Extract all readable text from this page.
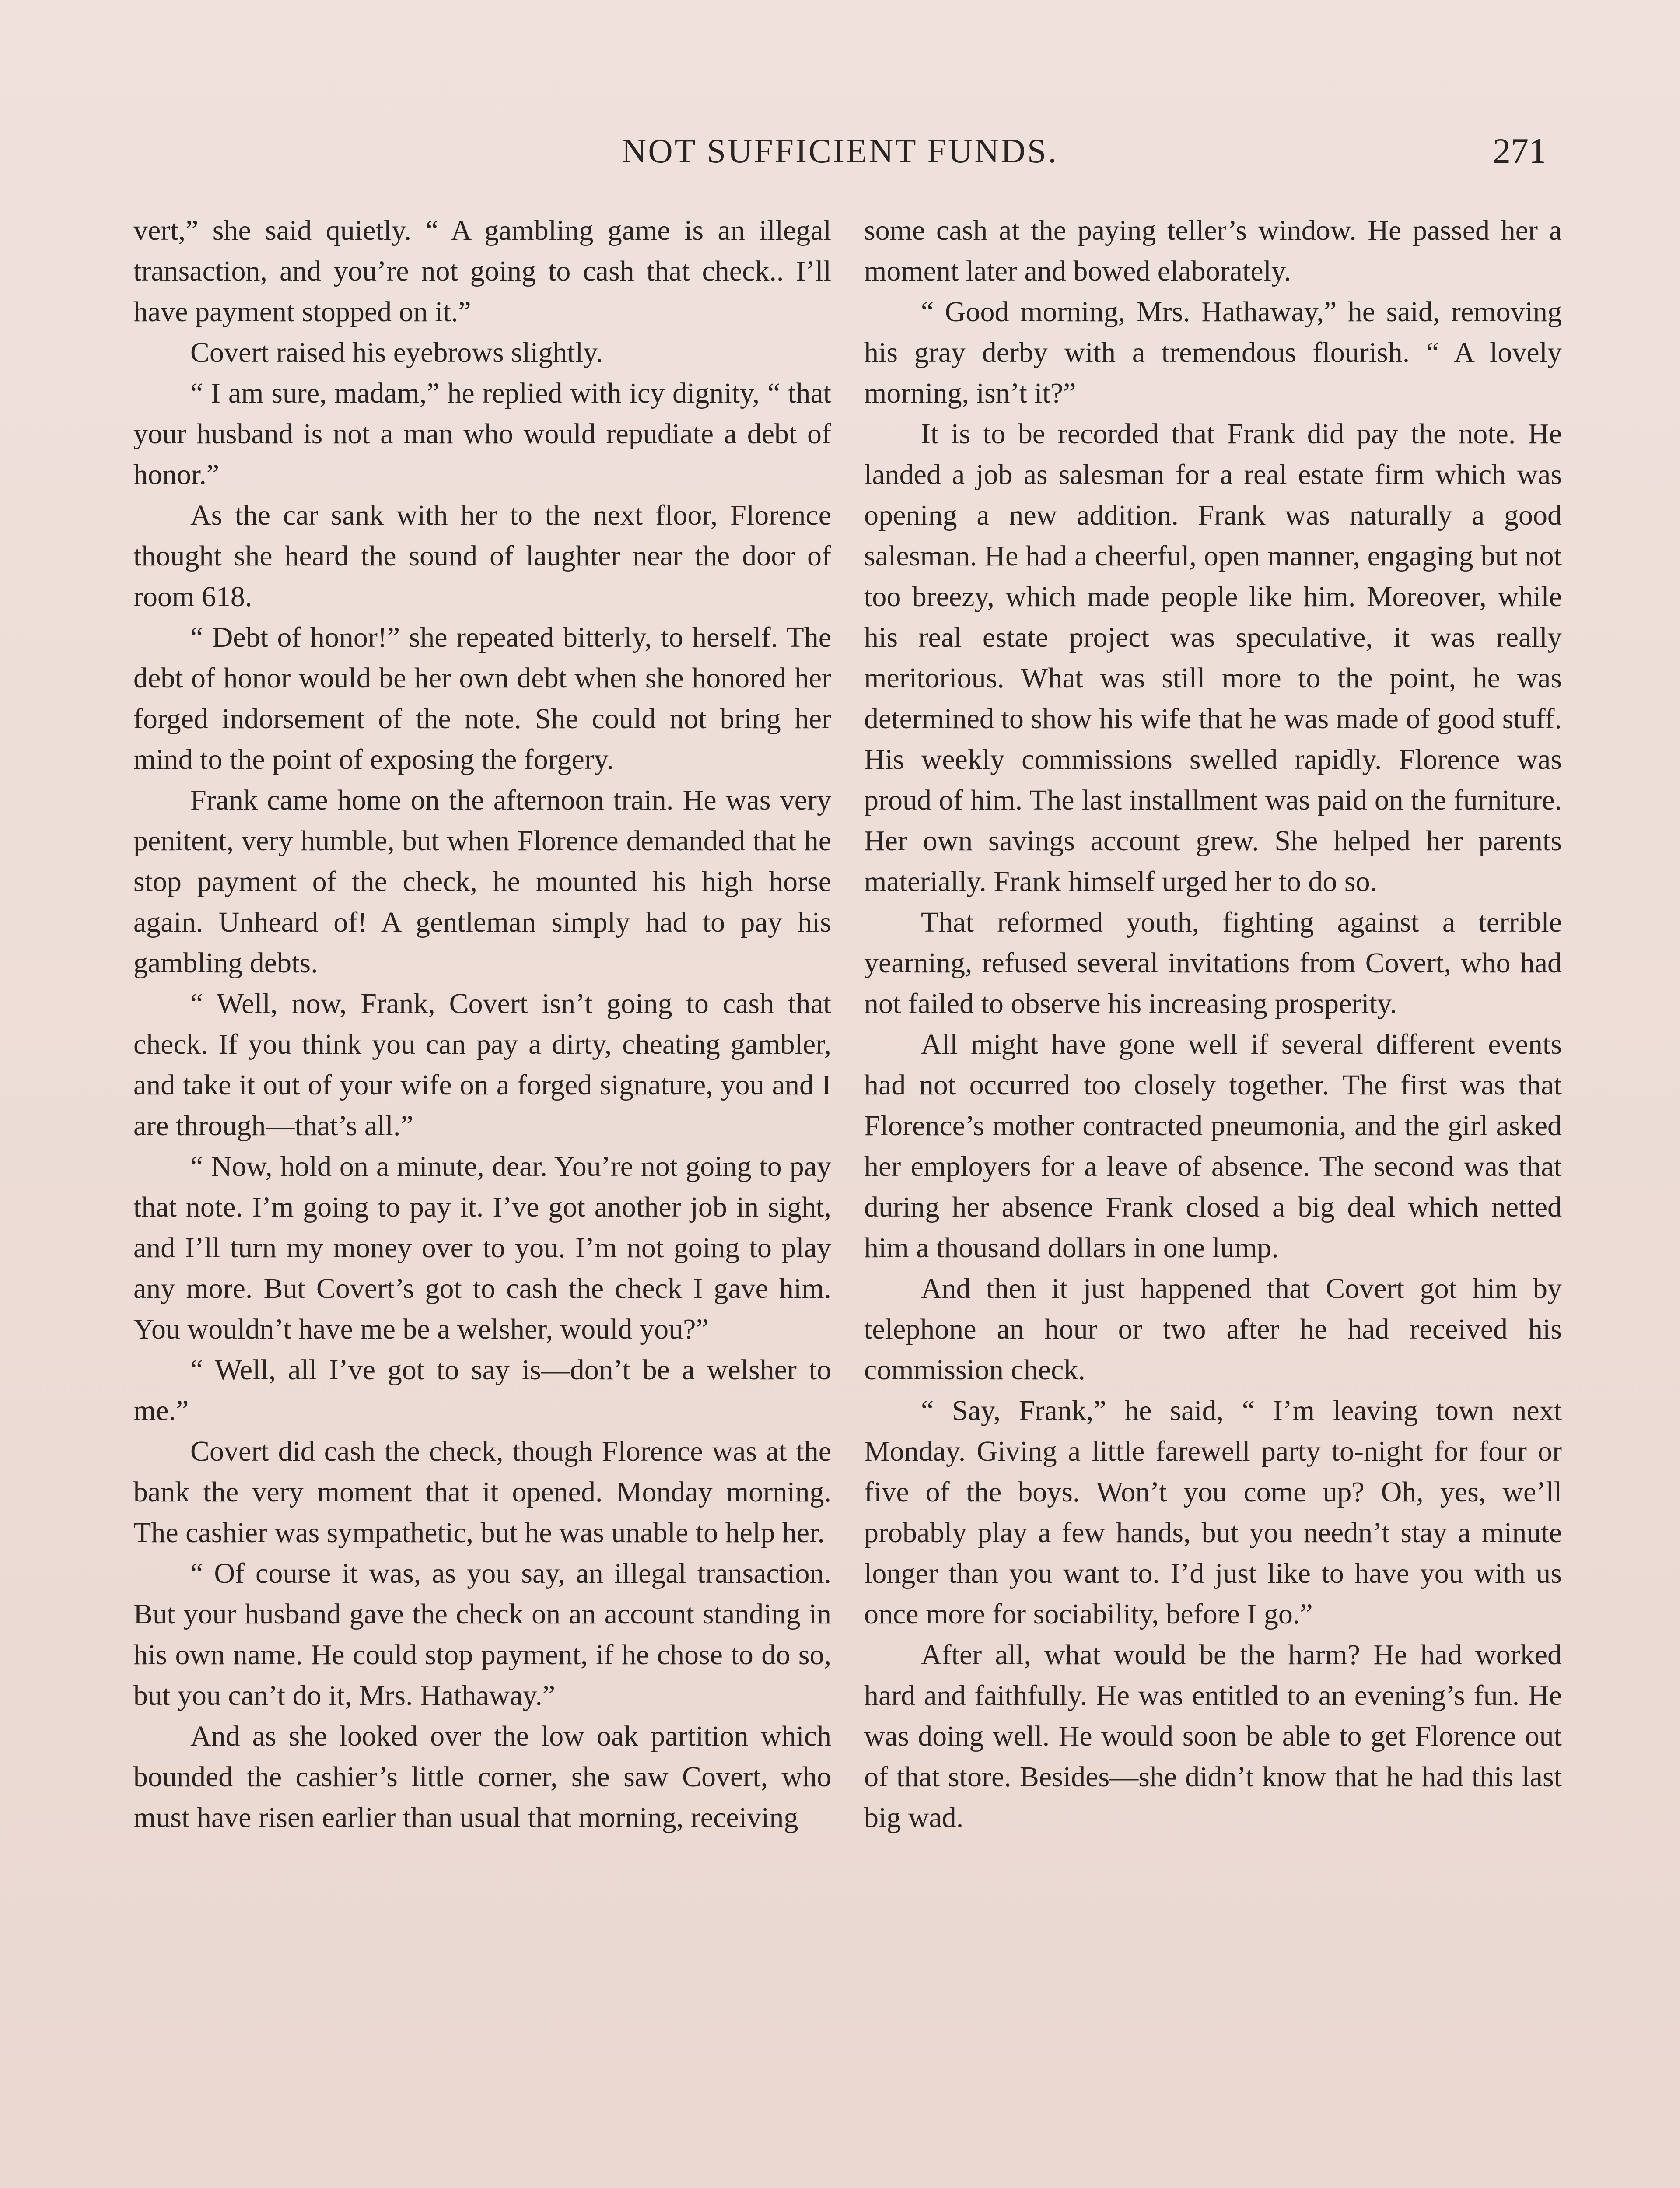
NOT SUFFICIENT FUNDS.	271

vert,” she said quietly. “ A gambling game is an illegal transaction, and you’re not going to cash that check.. I’ll have payment stopped on it.”

Covert raised his eyebrows slightly.

“ I am sure, madam,” he replied with icy dignity, “ that your husband is not a man who would repudiate a debt of honor.”

As the car sank with her to the next floor, Florence thought she heard the sound of laughter near the door of room 618.

“ Debt of honor!” she repeated bitterly, to herself. The debt of honor would be her own debt when she honored her forged indorsement of the note. She could not bring her mind to the point of exposing the forgery.

Frank came home on the afternoon train. He was very penitent, very humble, but when Florence demanded that he stop payment of the check, he mounted his high horse again. Unheard of! A gentleman simply had to pay his gambling debts.

“ Well, now, Frank, Covert isn’t going to cash that check. If you think you can pay a dirty, cheating gambler, and take it out of your wife on a forged signature, you and I are through—that’s all.”

“ Now, hold on a minute, dear. You’re not going to pay that note. I’m going to pay it. I’ve got another job in sight, and I’ll turn my money over to you. I’m not going to play any more. But Covert’s got to cash the check I gave him. You wouldn’t have me be a welsher, would you?”

“ Well, all I’ve got to say is—don’t be a welsher to me.”

Covert did cash the check, though Florence was at the bank the very moment that it opened. Monday morning. The cashier was sympathetic, but he was unable to help her.

“ Of course it was, as you say, an illegal transaction. But your husband gave the check on an account standing in his own name. He could stop payment, if he chose to do so, but you can’t do it, Mrs. Hathaway.”

And as she looked over the low oak partition which bounded the cashier’s little corner, she saw Covert, who must have risen earlier than usual that morning, receiving

some cash at the paying teller’s window. He passed her a moment later and bowed elaborately.

“ Good morning, Mrs. Hathaway,” he said, removing his gray derby with a tremendous flourish. “ A lovely morning, isn’t it?”

It is to be recorded that Frank did pay the note. He landed a job as salesman for a real estate firm which was opening a new addition. Frank was naturally a good salesman. He had a cheerful, open manner, engaging but not too breezy, which made people like him. Moreover, while his real estate project was speculative, it was really meritorious. What was still more to the point, he was determined to show his wife that he was made of good stuff. His weekly commissions swelled rapidly. Florence was proud of him. The last installment was paid on the furniture. Her own savings account grew. She helped her parents materially. Frank himself urged her to do so.

That reformed youth, fighting against a terrible yearning, refused several invitations from Covert, who had not failed to observe his increasing prosperity.

All might have gone well if several different events had not occurred too closely together. The first was that Florence’s mother contracted pneumonia, and the girl asked her employers for a leave of absence. The second was that during her absence Frank closed a big deal which netted him a thousand dollars in one lump.

And then it just happened that Covert got him by telephone an hour or two after he had received his commission check.

“ Say, Frank,” he said, “ I’m leaving town next Monday. Giving a little farewell party to-night for four or five of the boys. Won’t you come up? Oh, yes, we’ll probably play a few hands, but you needn’t stay a minute longer than you want to. I’d just like to have you with us once more for sociability, before I go.”

After all, what would be the harm? He had worked hard and faithfully. He was entitled to an evening’s fun. He was doing well. He would soon be able to get Florence out of that store. Besides—she didn’t know that he had this last big wad.
